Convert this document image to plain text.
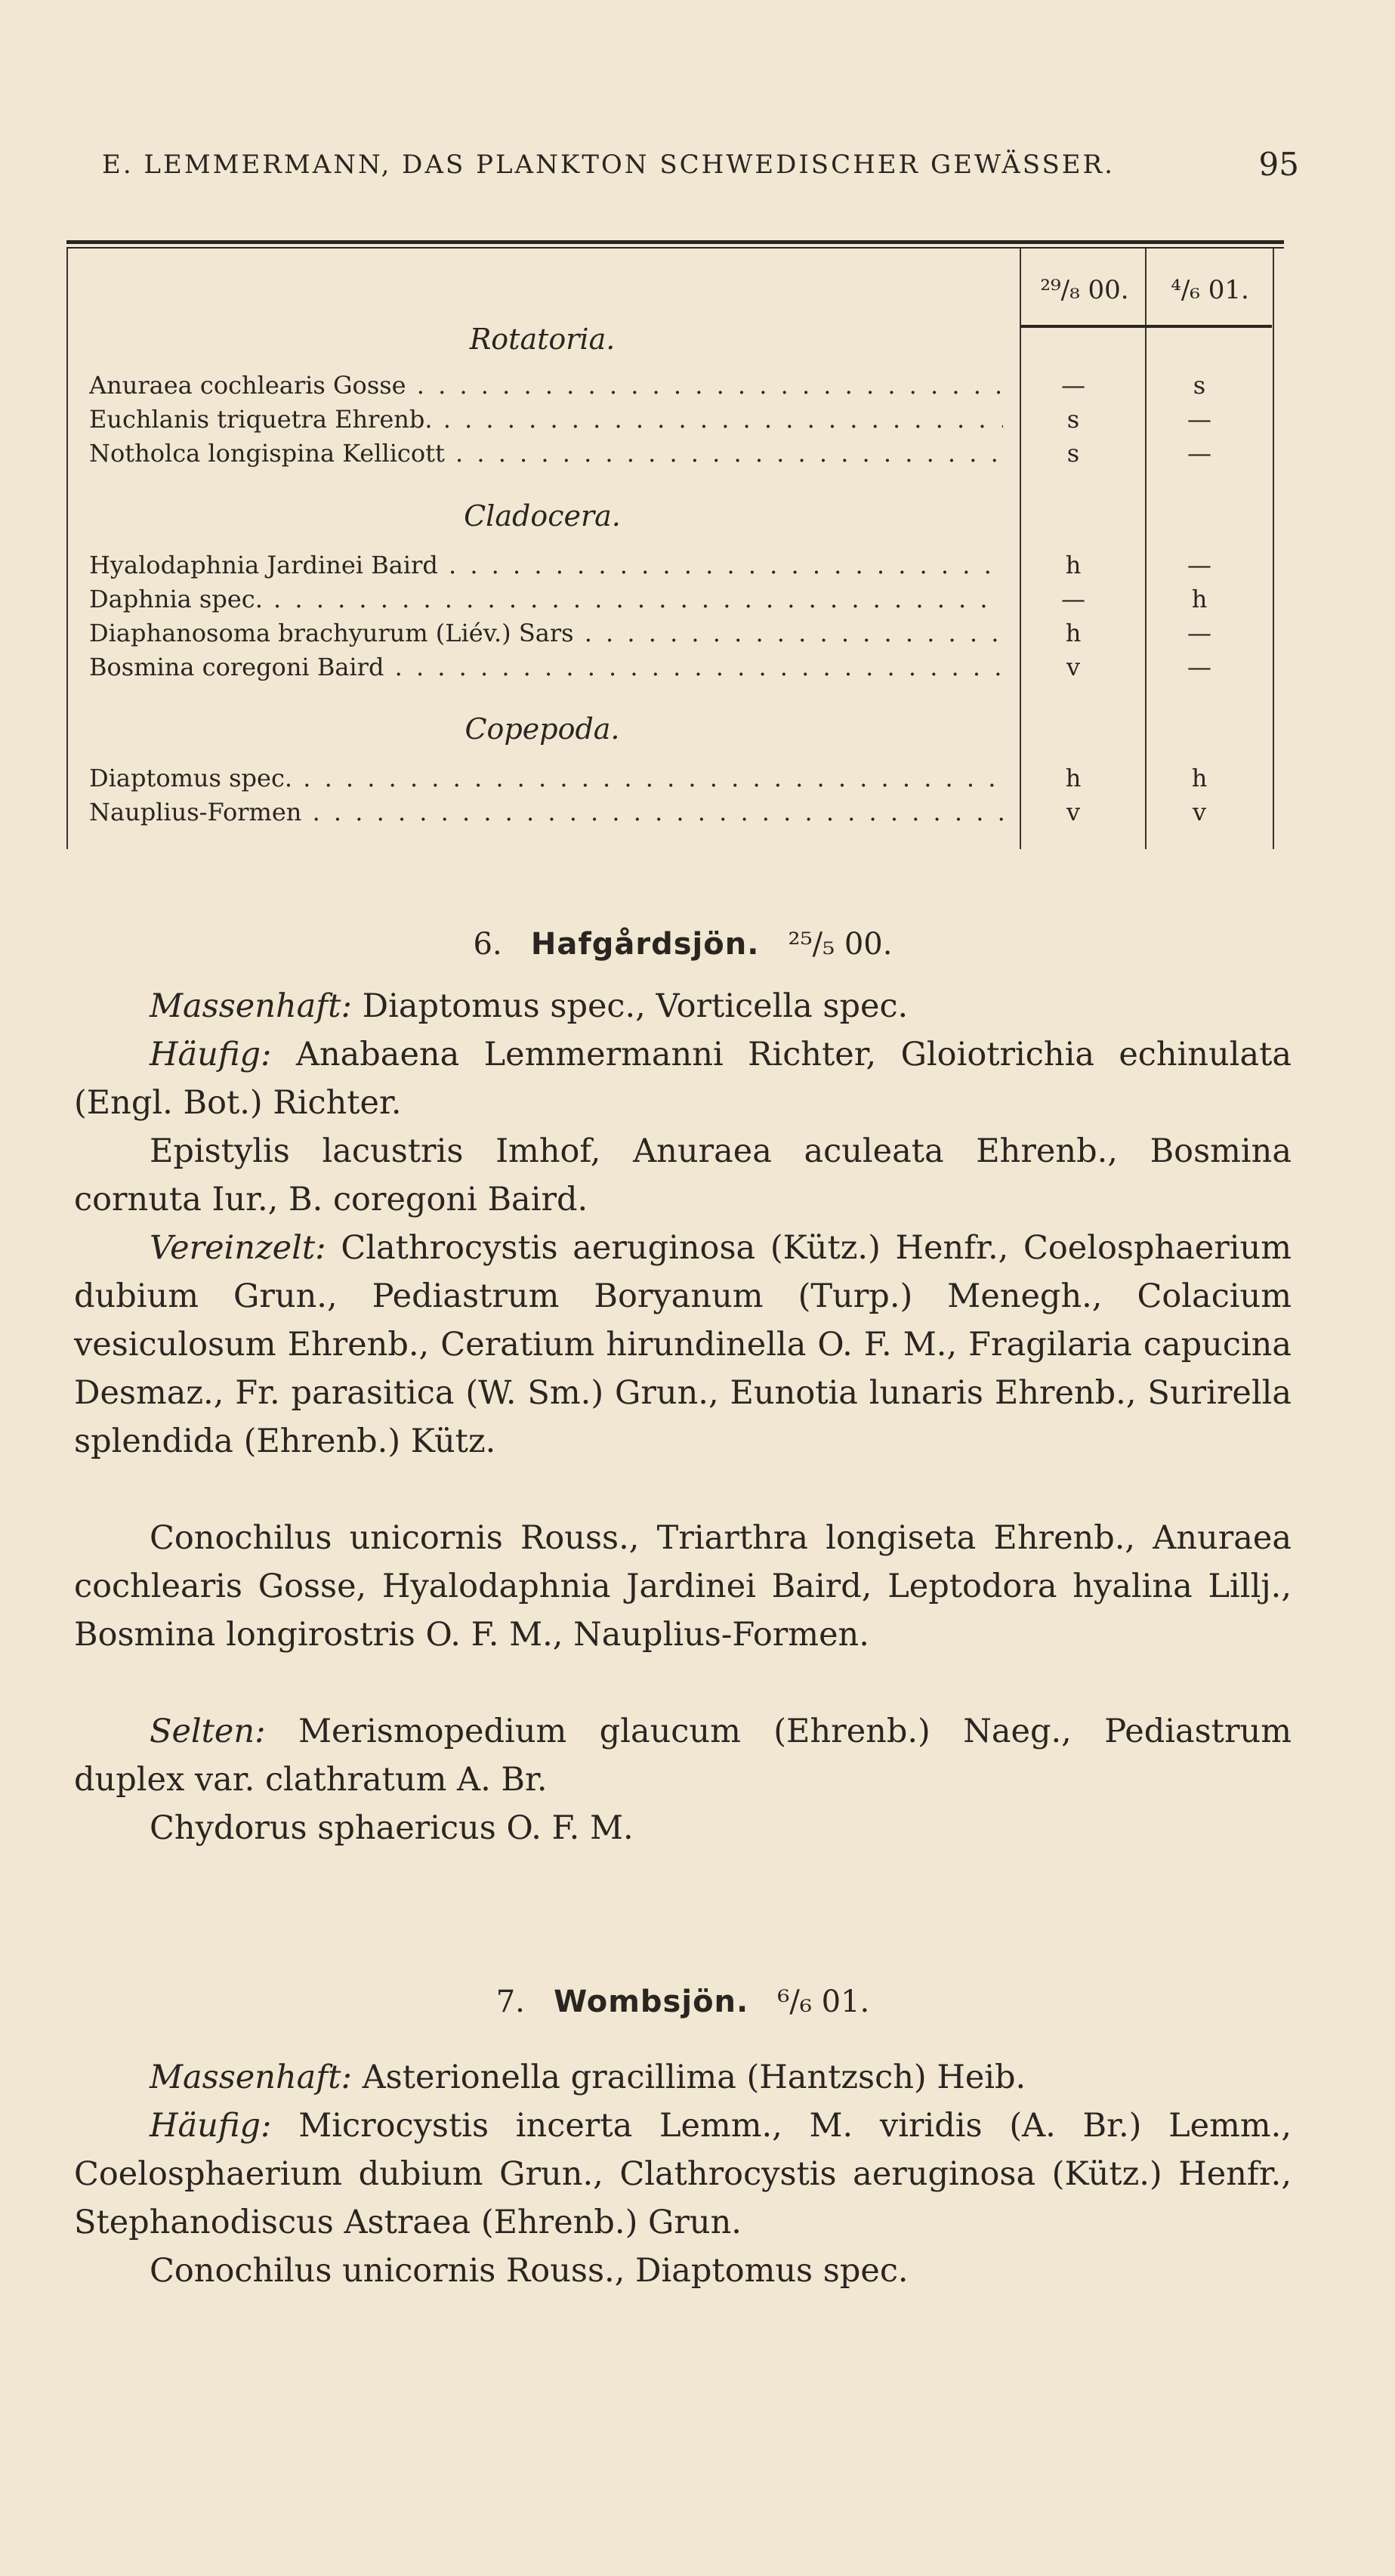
E. LEMMERMANN, DAS PLANKTON SCHWEDISCHER GEWÄSSER.	95
²⁹/₈ 00.	⁴/₆ 01.
Rotatoria.
Anuraea cochlearis Gosse . . .	—	s
Euchlanis triquetra Ehrenb. . . .	s	—
Notholca longispina Kellicott . . .	s	—
Cladocera.
Hyalodaphnia Jardinei Baird . . .	h	—
Daphnia spec. . . .	—	h
Diaphanosoma brachyurum (Liév.) Sars . . .	h	—
Bosmina coregoni Baird . . .	v	—
Copepoda.
Diaptomus spec. . . .	h	h
Nauplius-Formen . . .	v	v
6. Hafgårdsjön. ²⁵/₅ 00.
Massenhaft: Diaptomus spec., Vorticella spec.
Häufig: Anabaena Lemmermanni Richter, Gloiotrichia echinulata (Engl. Bot.) Richter.
Epistylis lacustris Imhof, Anuraea aculeata Ehrenb., Bosmina cornuta Iur., B. coregoni Baird.
Vereinzelt: Clathrocystis aeruginosa (Kütz.) Henfr., Coelosphaerium dubium Grun., Pediastrum Boryanum (Turp.) Menegh., Colacium vesiculosum Ehrenb., Ceratium hirundinella O. F. M., Fragilaria capucina Desmaz., Fr. parasitica (W. Sm.) Grun., Eunotia lunaris Ehrenb., Surirella splendida (Ehrenb.) Kütz.
Conochilus unicornis Rouss., Triarthra longiseta Ehrenb., Anuraea cochlearis Gosse, Hyalodaphnia Jardinei Baird, Leptodora hyalina Lillj., Bosmina longirostris O. F. M., Nauplius-Formen.
Selten: Merismopedium glaucum (Ehrenb.) Naeg., Pediastrum duplex var. clathratum A. Br.
Chydorus sphaericus O. F. M.
7. Wombsjön. ⁶/₆ 01.
Massenhaft: Asterionella gracillima (Hantzsch) Heib.
Häufig: Microcystis incerta Lemm., M. viridis (A. Br.) Lemm., Coelosphaerium dubium Grun., Clathrocystis aeruginosa (Kütz.) Henfr., Stephanodiscus Astraea (Ehrenb.) Grun.
Conochilus unicornis Rouss., Diaptomus spec.
